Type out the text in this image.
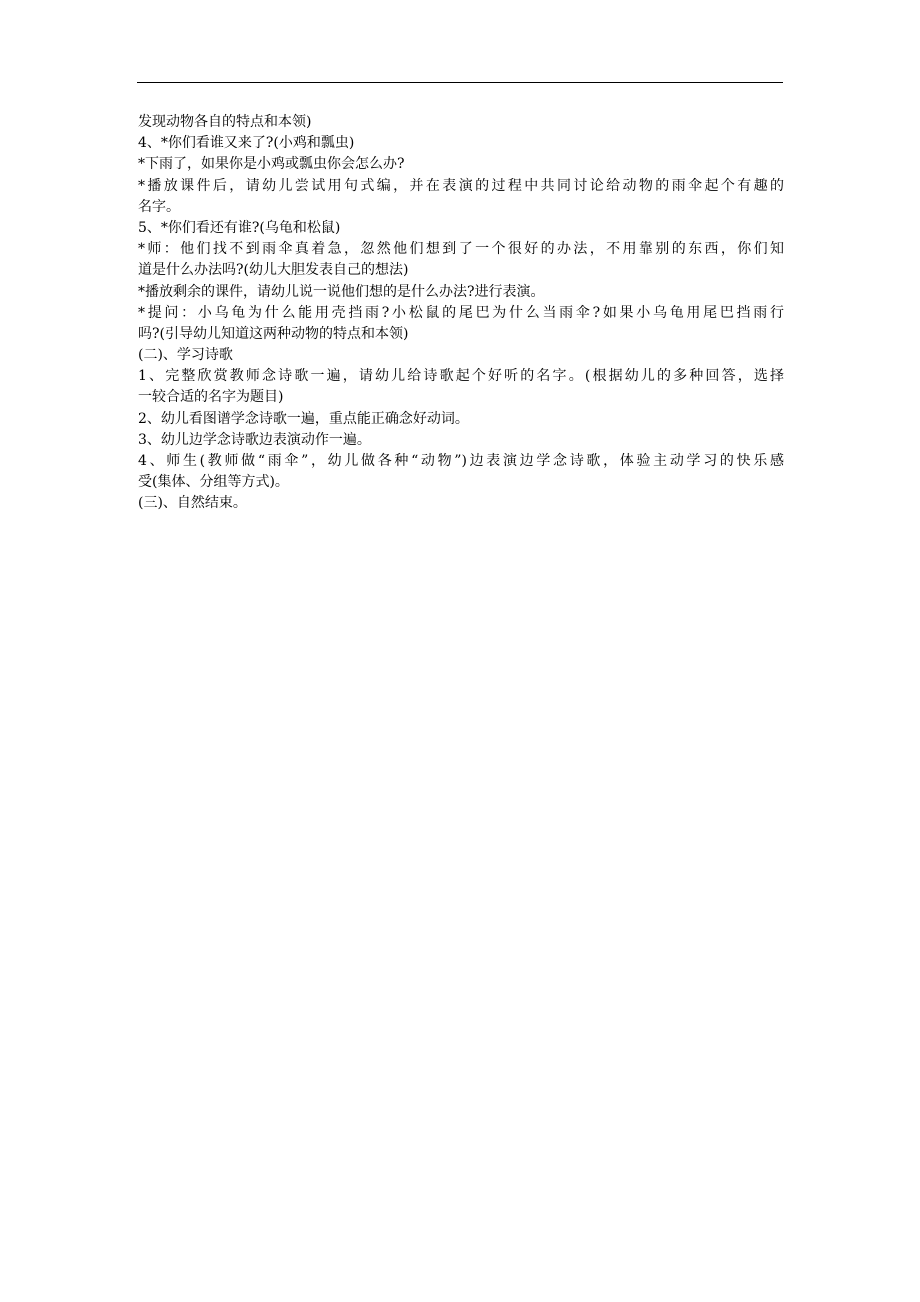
发现动物各自的特点和本领)
4、*你们看谁又来了?(小鸡和瓢虫)
*下雨了，如果你是小鸡或瓢虫你会怎么办?
*播放课件后，请幼儿尝试用句式编，并在表演的过程中共同讨论给动物的雨伞起个有趣的
名字。
5、*你们看还有谁?(乌龟和松鼠)
*师：他们找不到雨伞真着急，忽然他们想到了一个很好的办法，不用靠别的东西，你们知
道是什么办法吗?(幼儿大胆发表自己的想法)
*播放剩余的课件，请幼儿说一说他们想的是什么办法?进行表演。
*提问：小乌龟为什么能用壳挡雨?小松鼠的尾巴为什么当雨伞?如果小乌龟用尾巴挡雨行
吗?(引导幼儿知道这两种动物的特点和本领)
(二)、学习诗歌
1、完整欣赏教师念诗歌一遍，请幼儿给诗歌起个好听的名字。(根据幼儿的多种回答，选择
一较合适的名字为题目)
2、幼儿看图谱学念诗歌一遍，重点能正确念好动词。
3、幼儿边学念诗歌边表演动作一遍。
4、师生(教师做“雨伞”，幼儿做各种“动物”)边表演边学念诗歌，体验主动学习的快乐感
受(集体、分组等方式)。
(三)、自然结束。
